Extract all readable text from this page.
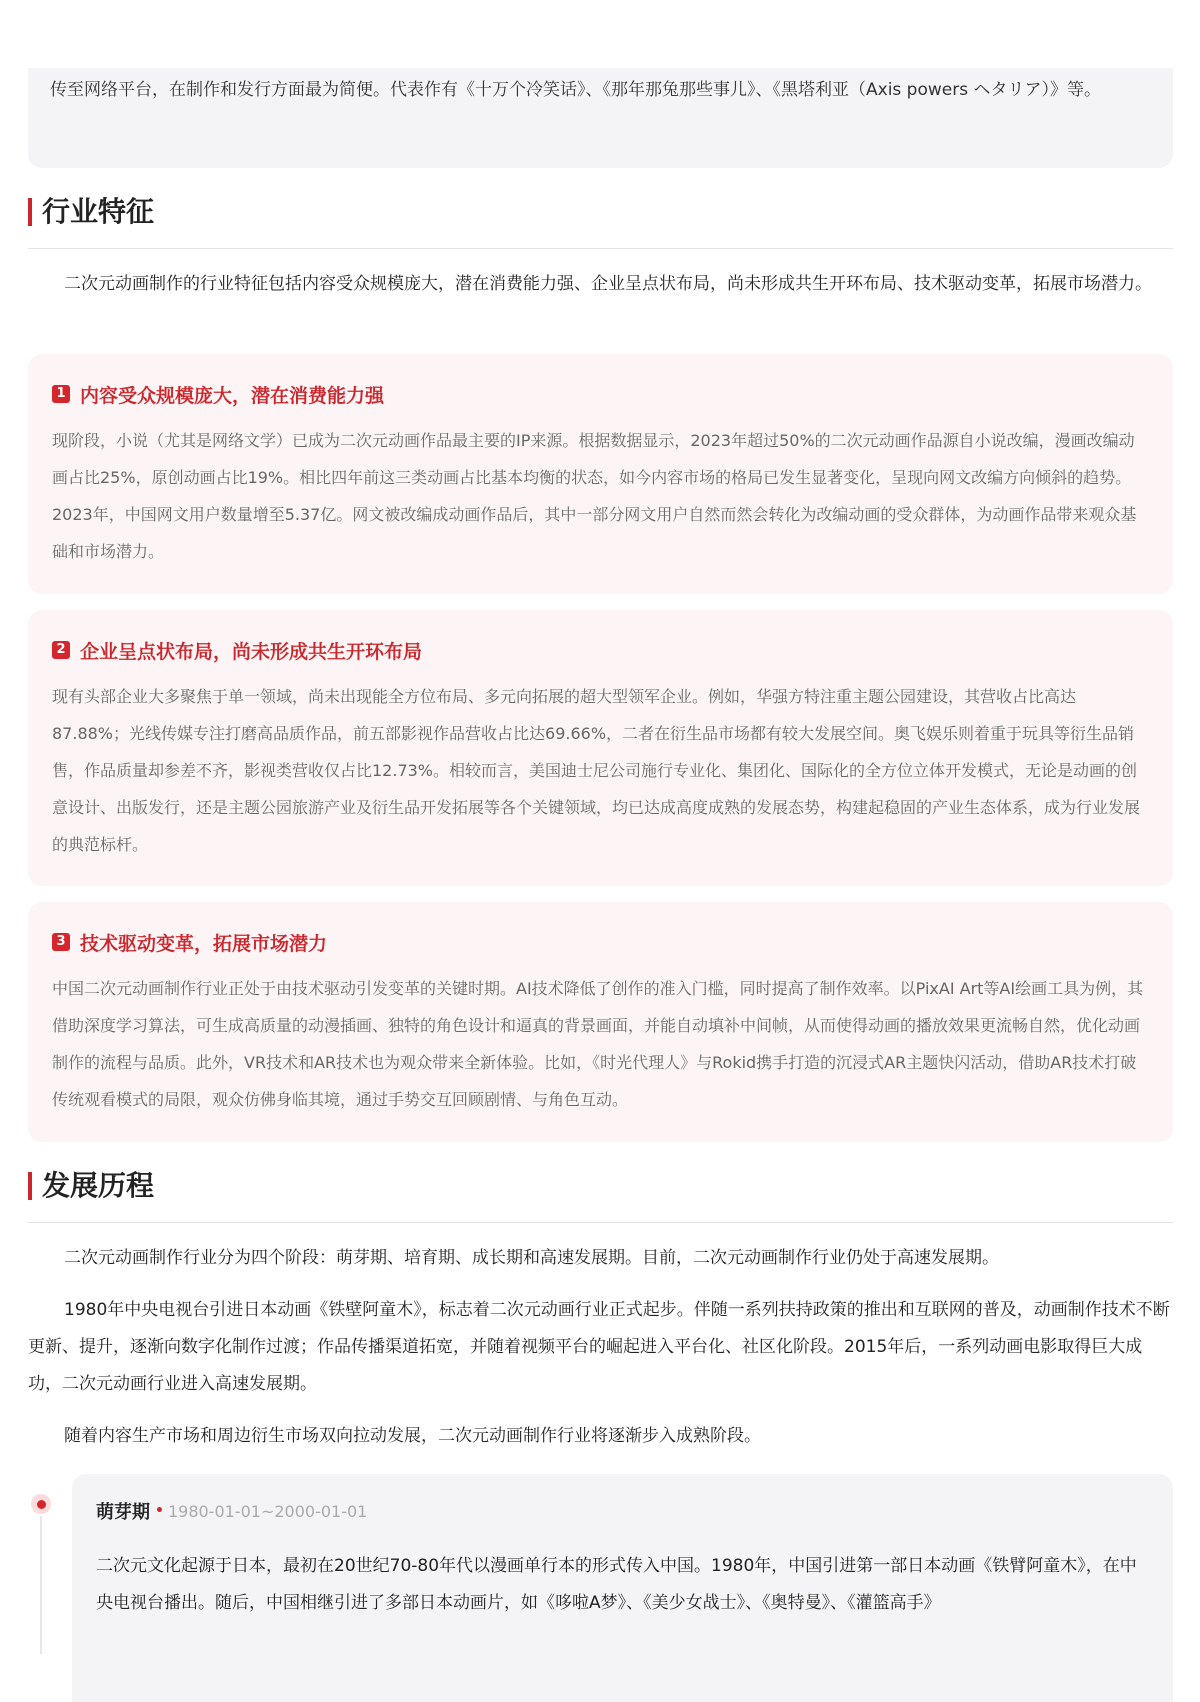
传至网络平台，在制作和发行方面最为简便。代表作有《十万个冷笑话》、《那年那兔那些事儿》、《黑塔利亚（Axis powers ヘタリア）》等。
行业特征
二次元动画制作的行业特征包括内容受众规模庞大，潜在消费能力强、企业呈点状布局，尚未形成共生开环布局、技术驱动变革，拓展市场潜力。
1 内容受众规模庞大，潜在消费能力强
现阶段，小说（尤其是网络文学）已成为二次元动画作品最主要的IP来源。根据数据显示，2023年超过50%的二次元动画作品源自小说改编，漫画改编动画占比25%，原创动画占比19%。相比四年前这三类动画占比基本均衡的状态，如今内容市场的格局已发生显著变化，呈现向网文改编方向倾斜的趋势。2023年，中国网文用户数量增至5.37亿。网文被改编成动画作品后，其中一部分网文用户自然而然会转化为改编动画的受众群体，为动画作品带来观众基础和市场潜力。
2 企业呈点状布局，尚未形成共生开环布局
现有头部企业大多聚焦于单一领域，尚未出现能全方位布局、多元向拓展的超大型领军企业。例如，华强方特注重主题公园建设，其营收占比高达87.88%；光线传媒专注打磨高品质作品，前五部影视作品营收占比达69.66%，二者在衍生品市场都有较大发展空间。奥飞娱乐则着重于玩具等衍生品销售，作品质量却参差不齐，影视类营收仅占比12.73%。相较而言，美国迪士尼公司施行专业化、集团化、国际化的全方位立体开发模式，无论是动画的创意设计、出版发行，还是主题公园旅游产业及衍生品开发拓展等各个关键领域，均已达成高度成熟的发展态势，构建起稳固的产业生态体系，成为行业发展的典范标杆。
3 技术驱动变革，拓展市场潜力
中国二次元动画制作行业正处于由技术驱动引发变革的关键时期。AI技术降低了创作的准入门槛，同时提高了制作效率。以PixAI Art等AI绘画工具为例，其借助深度学习算法，可生成高质量的动漫插画、独特的角色设计和逼真的背景画面，并能自动填补中间帧，从而使得动画的播放效果更流畅自然，优化动画制作的流程与品质。此外，VR技术和AR技术也为观众带来全新体验。比如，《时光代理人》与Rokid携手打造的沉浸式AR主题快闪活动，借助AR技术打破传统观看模式的局限，观众仿佛身临其境，通过手势交互回顾剧情、与角色互动。
发展历程
二次元动画制作行业分为四个阶段：萌芽期、培育期、成长期和高速发展期。目前，二次元动画制作行业仍处于高速发展期。
1980年中央电视台引进日本动画《铁壁阿童木》，标志着二次元动画行业正式起步。伴随一系列扶持政策的推出和互联网的普及，动画制作技术不断更新、提升，逐渐向数字化制作过渡；作品传播渠道拓宽，并随着视频平台的崛起进入平台化、社区化阶段。2015年后，一系列动画电影取得巨大成功，二次元动画行业进入高速发展期。
随着内容生产市场和周边衍生市场双向拉动发展，二次元动画制作行业将逐渐步入成熟阶段。
萌芽期 • 1980-01-01~2000-01-01
二次元文化起源于日本，最初在20世纪70-80年代以漫画单行本的形式传入中国。1980年，中国引进第一部日本动画《铁臂阿童木》，在中央电视台播出。随后，中国相继引进了多部日本动画片，如《哆啦A梦》、《美少女战士》、《奥特曼》、《灌篮高手》
